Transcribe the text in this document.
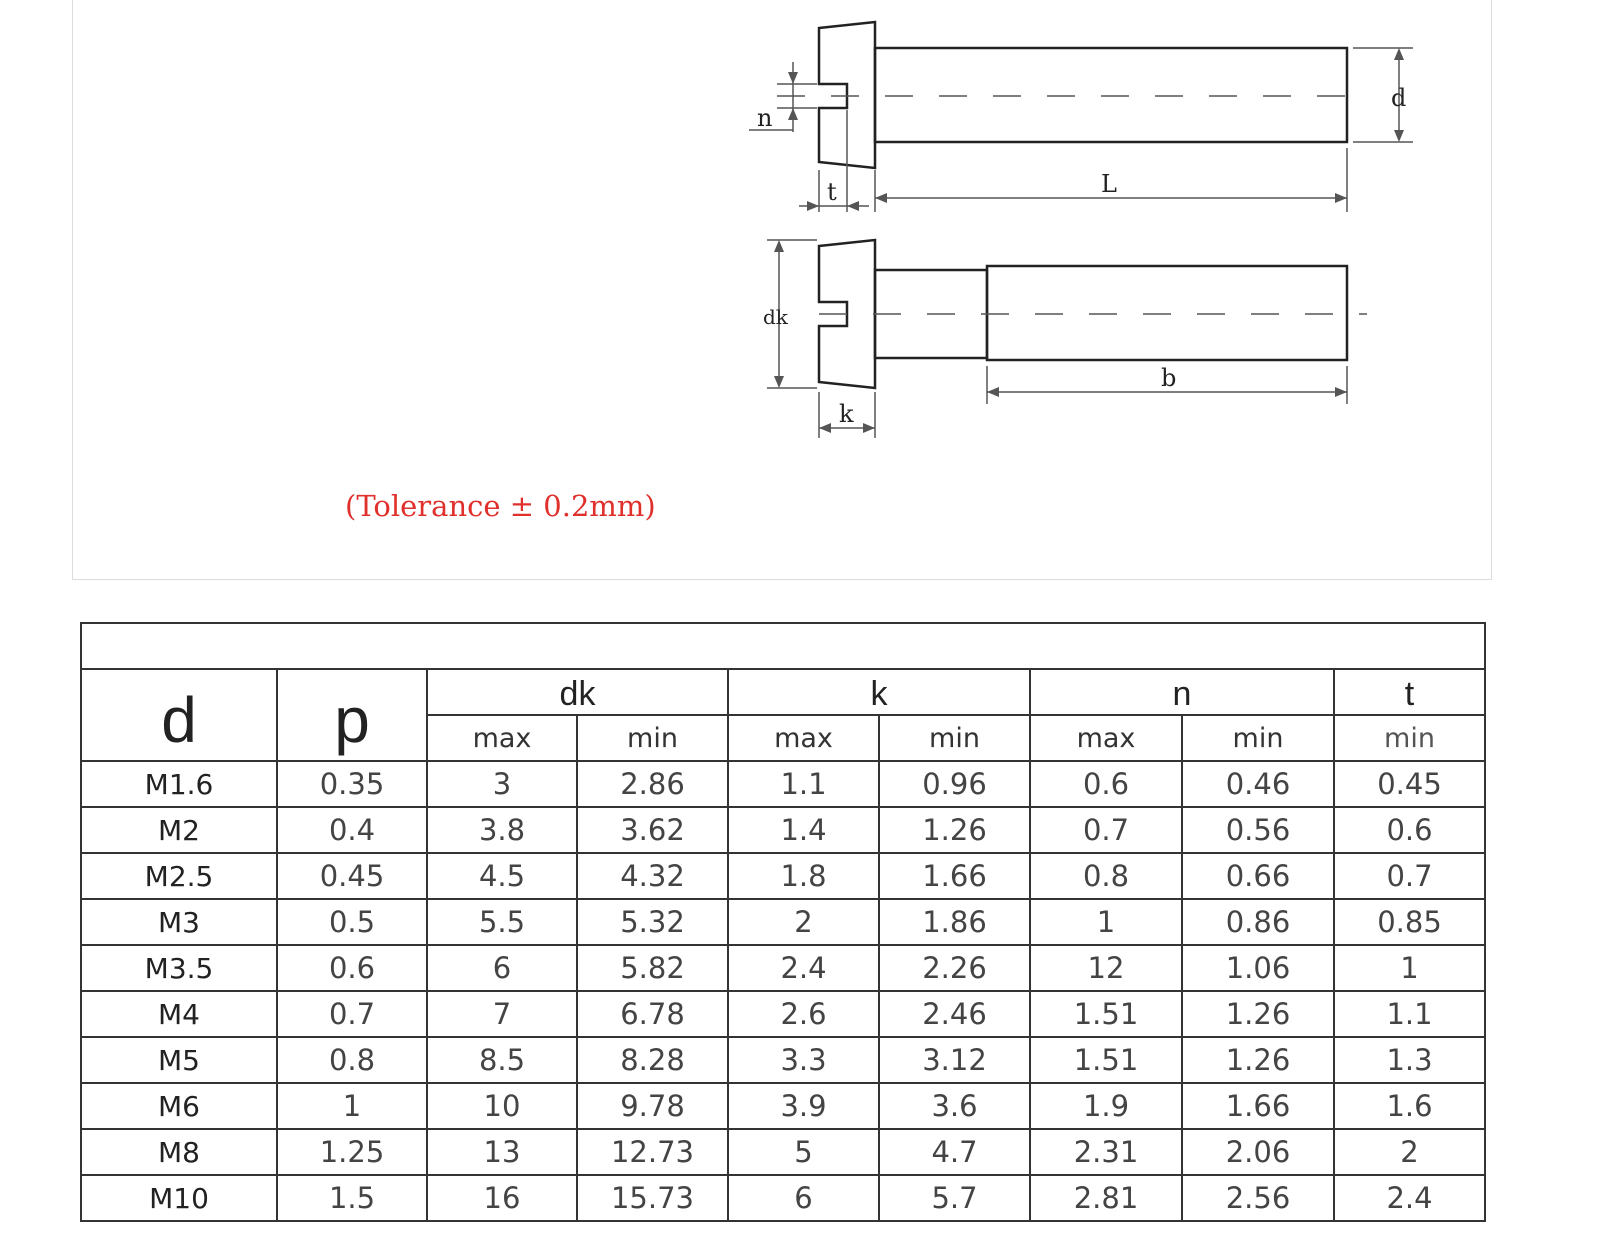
n
d
t	L
dk
b
k
(Tolerance ± 0.2mm)

d	p	dk		k		n		t
		max	min	max	min	max	min	min
M1.6	0.35	3	2.86	1.1	0.96	0.6	0.46	0.45
M2	0.4	3.8	3.62	1.4	1.26	0.7	0.56	0.6
M2.5	0.45	4.5	4.32	1.8	1.66	0.8	0.66	0.7
M3	0.5	5.5	5.32	2	1.86	1	0.86	0.85
M3.5	0.6	6	5.82	2.4	2.26	12	1.06	1
M4	0.7	7	6.78	2.6	2.46	1.51	1.26	1.1
M5	0.8	8.5	8.28	3.3	3.12	1.51	1.26	1.3
M6	1	10	9.78	3.9	3.6	1.9	1.66	1.6
M8	1.25	13	12.73	5	4.7	2.31	2.06	2
M10	1.5	16	15.73	6	5.7	2.81	2.56	2.4
